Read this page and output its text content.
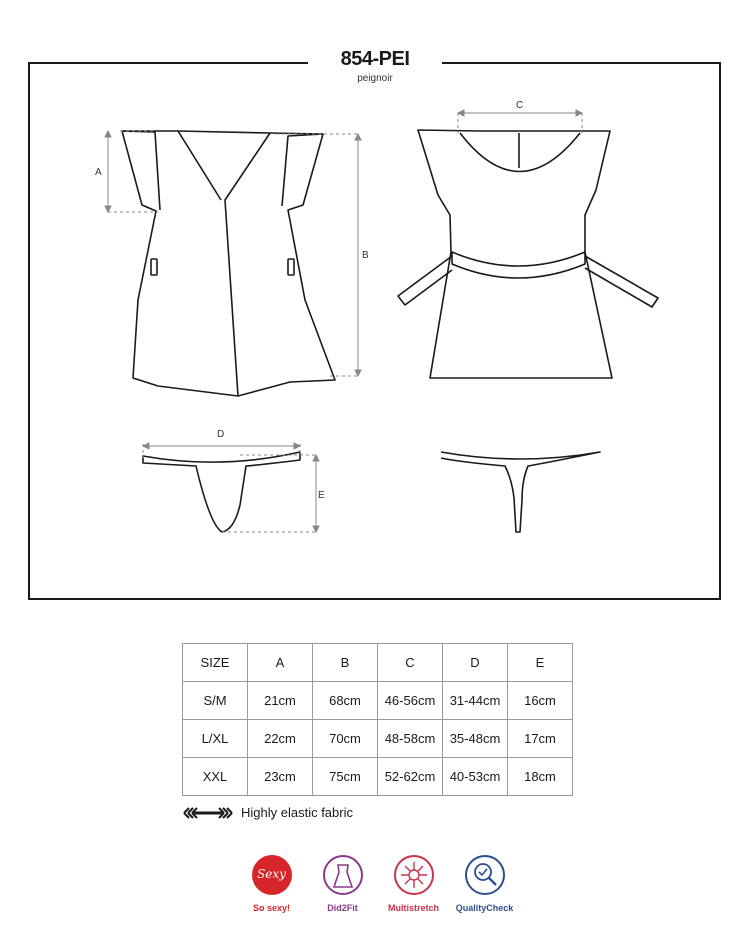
854-PEI
peignoir
A
B
C
D
E
SIZE	A	B	C	D	E
S/M	21cm	68cm	46-56cm	31-44cm	16cm
L/XL	22cm	70cm	48-58cm	35-48cm	17cm
XXL	23cm	75cm	52-62cm	40-53cm	18cm
Highly elastic fabric
Sexy
So sexy!	Did2Fit	Multistretch	QualityCheck
